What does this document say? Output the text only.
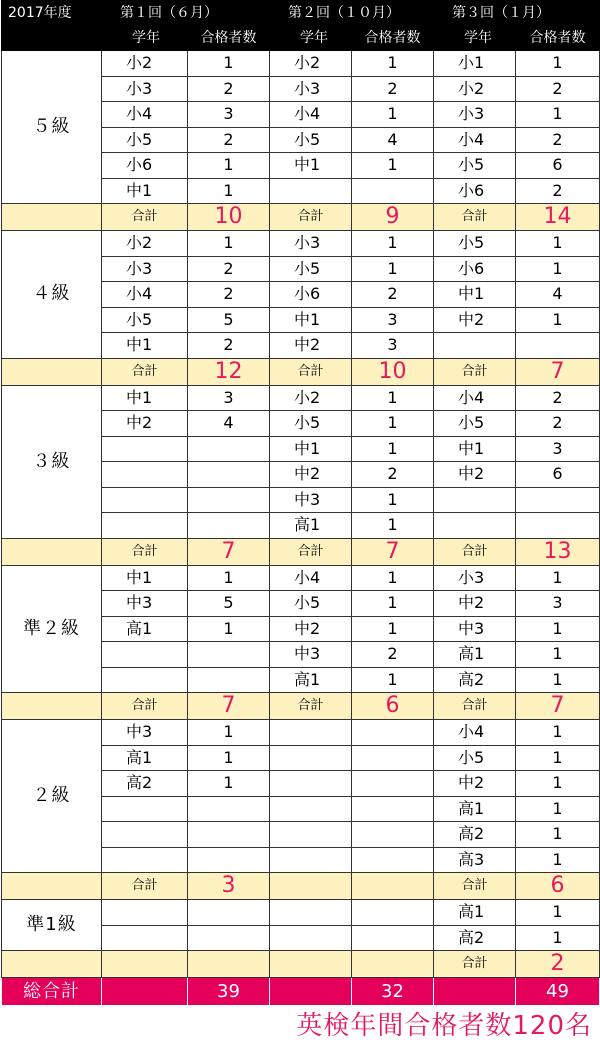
2017年度	第１回（６月）		第２回（１０月）		第３回（１月）	
	学年	合格者数	学年	合格者数	学年	合格者数
５級	小2	1	小2	1	小1	1
	小3	2	小3	2	小2	2
	小4	3	小4	1	小3	1
	小5	2	小5	4	小4	2
	小6	1	中1	1	小5	6
	中1	1			小6	2
	合計	10	合計	9	合計	14
４級	小2	1	小3	1	小5	1
	小3	2	小5	1	小6	1
	小4	2	小6	2	中1	4
	小5	5	中1	3	中2	1
	中1	2	中2	3		
	合計	12	合計	10	合計	7
３級	中1	3	小2	1	小4	2
	中2	4	小5	1	小5	2
			中1	1	中1	3
			中2	2	中2	6
			中3	1		
			高1	1		
	合計	7	合計	7	合計	13
準２級	中1	1	小4	1	小3	1
	中3	5	小5	1	中2	3
	高1	1	中2	1	中3	1
			中3	2	高1	1
			高1	1	高2	1
	合計	7	合計	6	合計	7
２級	中3	1			小4	1
	高1	1			小5	1
	高2	1			中2	1
					高1	1
					高2	1
					高3	1
	合計	3			合計	6
準1級					高1	1
					高2	1
					合計	2
総合計		39		32		49
英検年間合格者数120名
